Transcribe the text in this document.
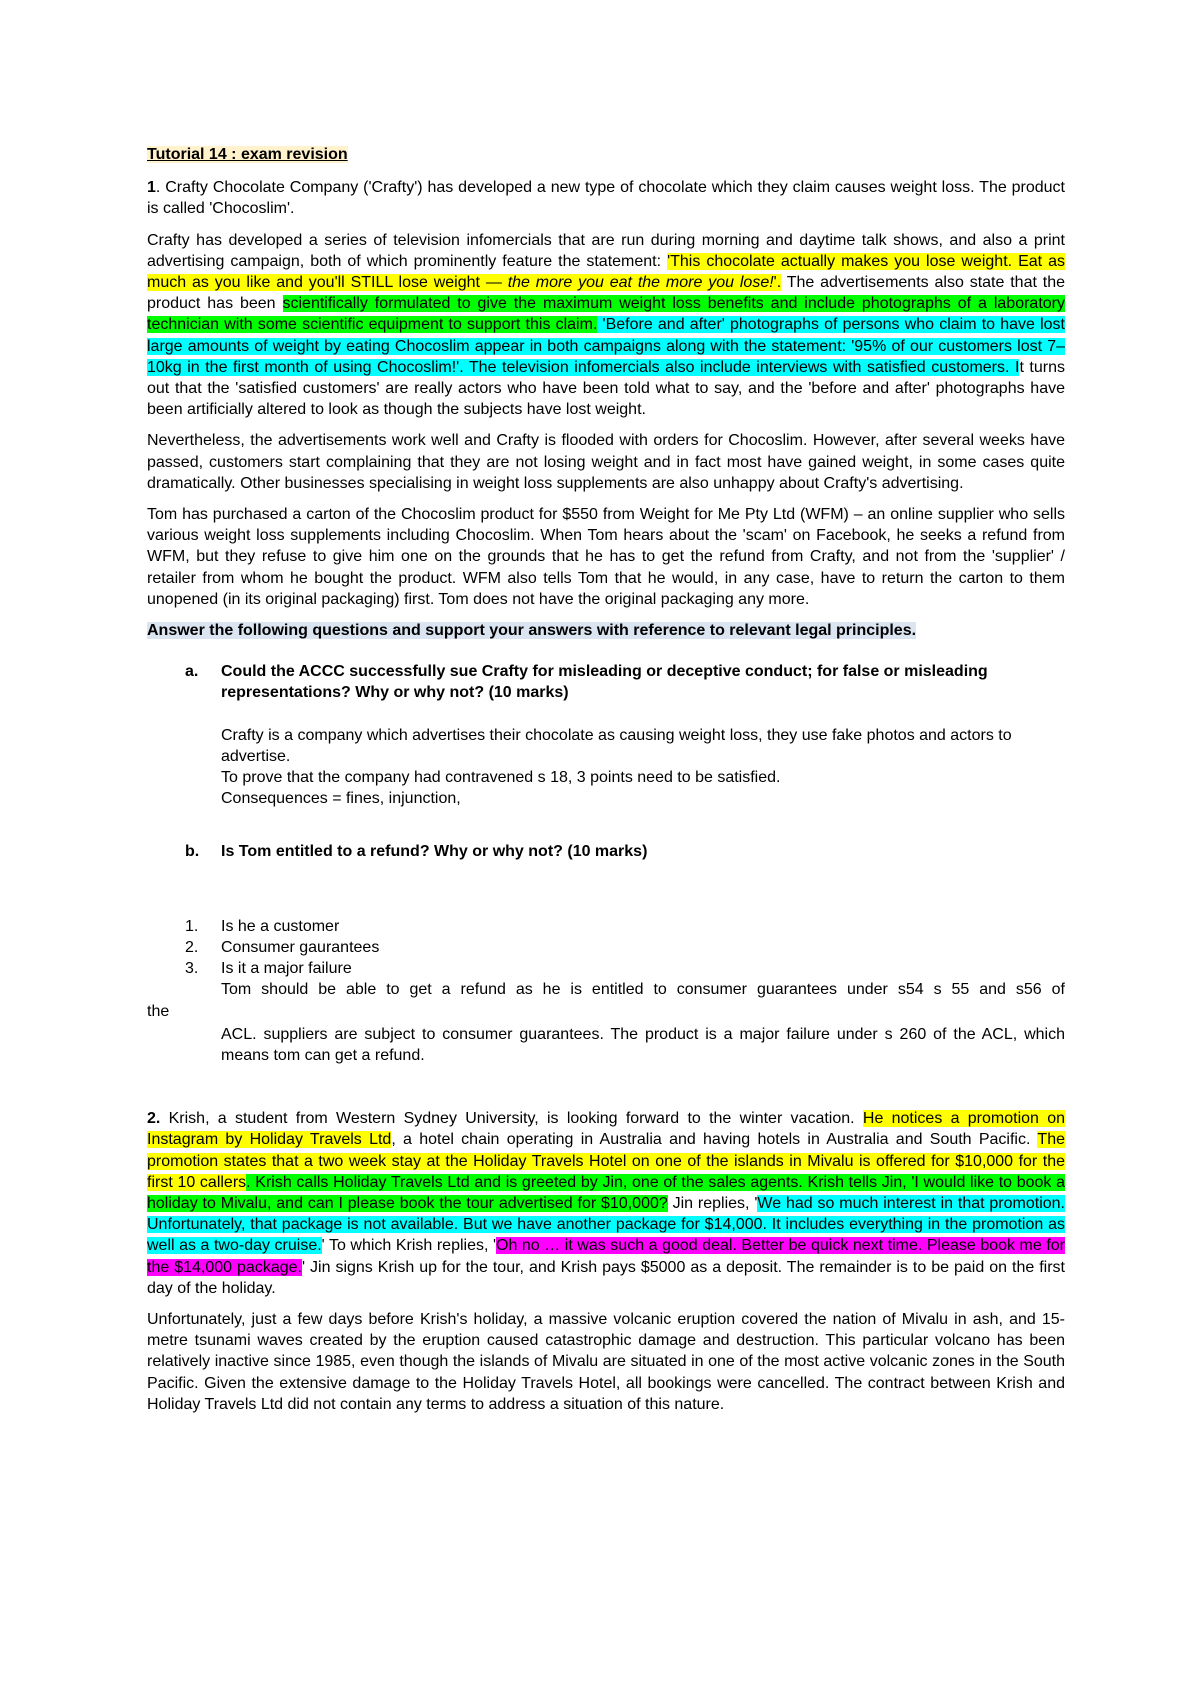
Tutorial 14 : exam revision

1. Crafty Chocolate Company ('Crafty') has developed a new type of chocolate which they claim causes weight loss. The product is called 'Chocoslim'.

Crafty has developed a series of television infomercials that are run during morning and daytime talk shows, and also a print advertising campaign, both of which prominently feature the statement: 'This chocolate actually makes you lose weight. Eat as much as you like and you'll STILL lose weight — the more you eat the more you lose!'. The advertisements also state that the product has been scientifically formulated to give the maximum weight loss benefits and include photographs of a laboratory technician with some scientific equipment to support this claim. 'Before and after' photographs of persons who claim to have lost large amounts of weight by eating Chocoslim appear in both campaigns along with the statement: '95% of our customers lost 7–10kg in the first month of using Chocoslim!'. The television infomercials also include interviews with satisfied customers. It turns out that the 'satisfied customers' are really actors who have been told what to say, and the 'before and after' photographs have been artificially altered to look as though the subjects have lost weight.

Nevertheless, the advertisements work well and Crafty is flooded with orders for Chocoslim. However, after several weeks have passed, customers start complaining that they are not losing weight and in fact most have gained weight, in some cases quite dramatically. Other businesses specialising in weight loss supplements are also unhappy about Crafty's advertising.

Tom has purchased a carton of the Chocoslim product for $550 from Weight for Me Pty Ltd (WFM) – an online supplier who sells various weight loss supplements including Chocoslim. When Tom hears about the 'scam' on Facebook, he seeks a refund from WFM, but they refuse to give him one on the grounds that he has to get the refund from Crafty, and not from the 'supplier' / retailer from whom he bought the product. WFM also tells Tom that he would, in any case, have to return the carton to them unopened (in its original packaging) first. Tom does not have the original packaging any more.

Answer the following questions and support your answers with reference to relevant legal principles.

a.	Could the ACCC successfully sue Crafty for misleading or deceptive conduct; for false or misleading representations? Why or why not? (10 marks)

Crafty is a company which advertises their chocolate as causing weight loss, they use fake photos and actors to advertise.

To prove that the company had contravened s 18, 3 points need to be satisfied.

Consequences = fines, injunction,

b.	Is Tom entitled to a refund? Why or why not? (10 marks)
1.	Is he a customer
2.	Consumer gaurantees
3.	Is it a major failure

Tom should be able to get a refund as he is entitled to consumer guarantees under s54 s 55 and s56 of

the

ACL. suppliers are subject to consumer guarantees. The product is a major failure under s 260 of the ACL, which means tom can get a refund.

2. Krish, a student from Western Sydney University, is looking forward to the winter vacation. He notices a promotion on Instagram by Holiday Travels Ltd, a hotel chain operating in Australia and having hotels in Australia and South Pacific. The promotion states that a two week stay at the Holiday Travels Hotel on one of the islands in Mivalu is offered for $10,000 for the first 10 callers. Krish calls Holiday Travels Ltd and is greeted by Jin, one of the sales agents. Krish tells Jin, 'I would like to book a holiday to Mivalu, and can I please book the tour advertised for $10,000? Jin replies, 'We had so much interest in that promotion. Unfortunately, that package is not available. But we have another package for $14,000. It includes everything in the promotion as well as a two-day cruise.' To which Krish replies, 'Oh no … it was such a good deal. Better be quick next time. Please book me for the $14,000 package.' Jin signs Krish up for the tour, and Krish pays $5000 as a deposit. The remainder is to be paid on the first day of the holiday.

Unfortunately, just a few days before Krish's holiday, a massive volcanic eruption covered the nation of Mivalu in ash, and 15-metre tsunami waves created by the eruption caused catastrophic damage and destruction. This particular volcano has been relatively inactive since 1985, even though the islands of Mivalu are situated in one of the most active volcanic zones in the South Pacific. Given the extensive damage to the Holiday Travels Hotel, all bookings were cancelled. The contract between Krish and Holiday Travels Ltd did not contain any terms to address a situation of this nature.
